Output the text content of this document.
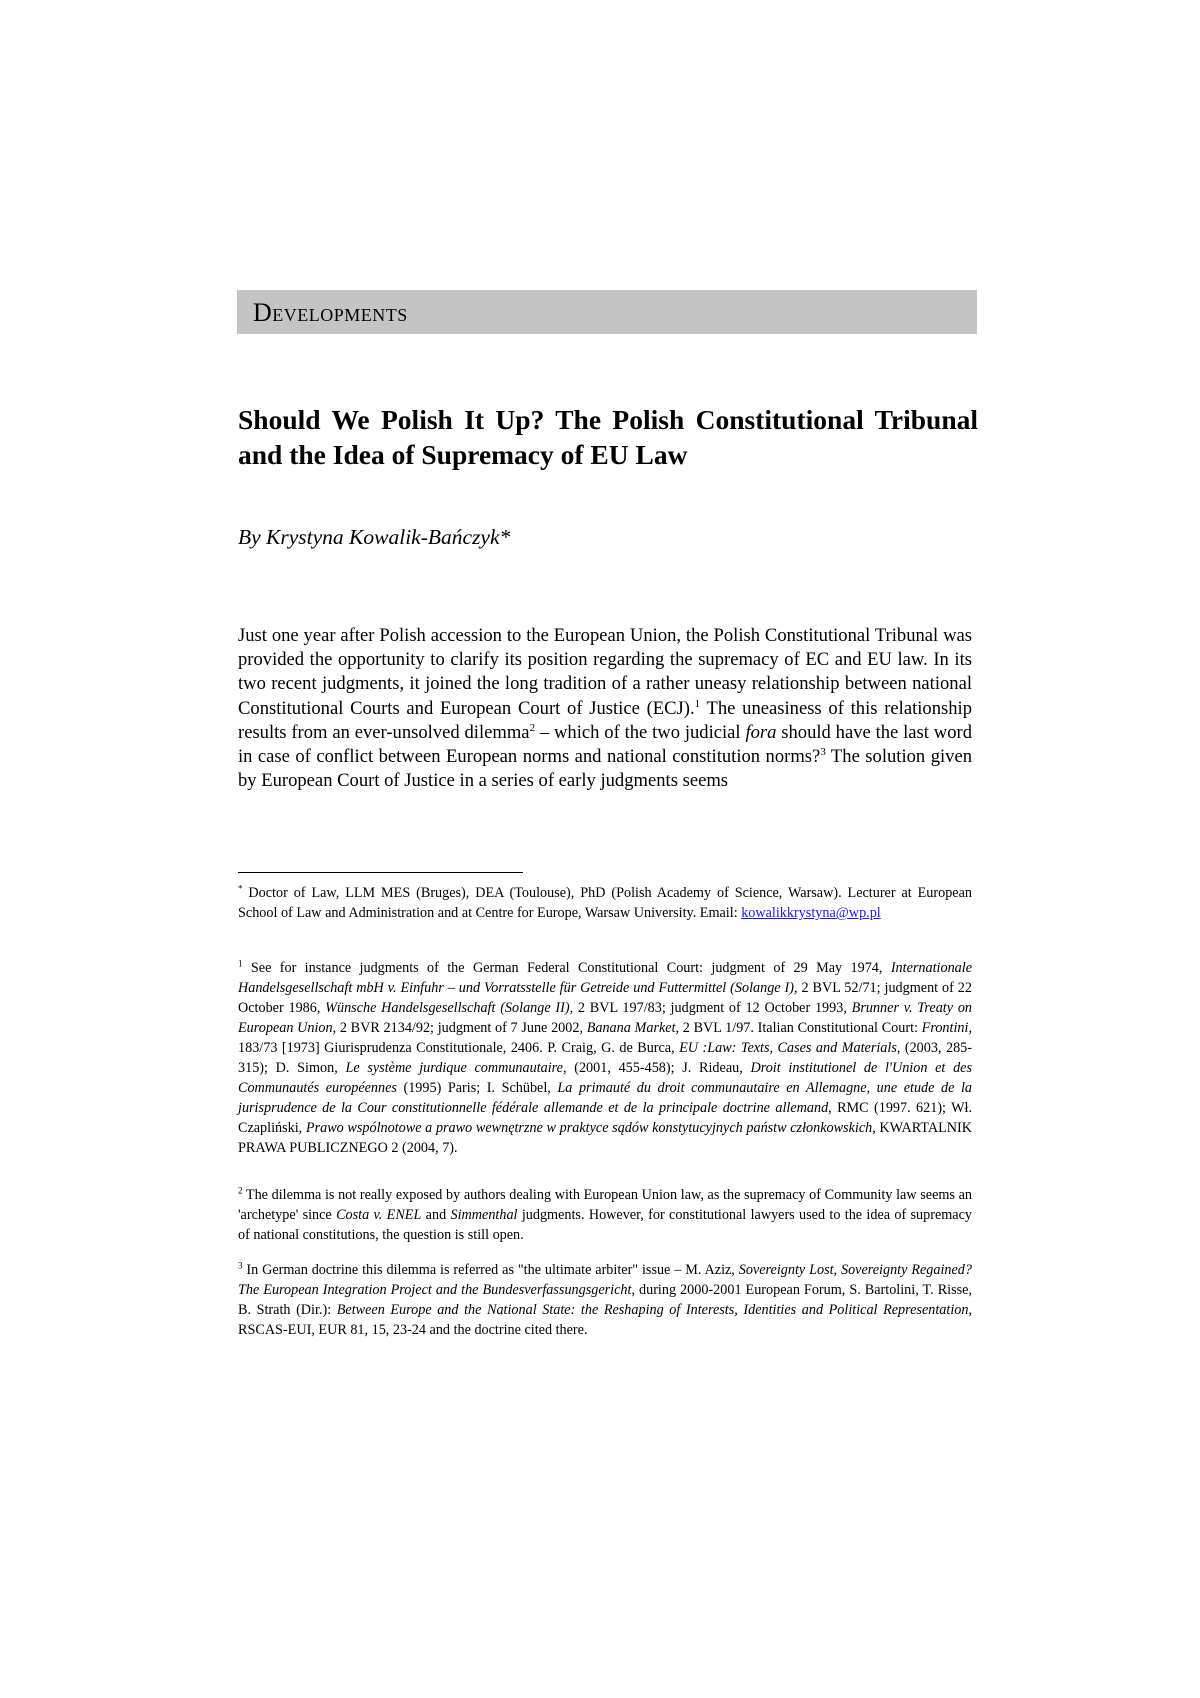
Developments
Should We Polish It Up? The Polish Constitutional Tribunal and the Idea of Supremacy of EU Law
By Krystyna Kowalik-Bańczyk*

Just one year after Polish accession to the European Union, the Polish Constitutional Tribunal was provided the opportunity to clarify its position regarding the supremacy of EC and EU law. In its two recent judgments, it joined the long tradition of a rather uneasy relationship between national Constitutional Courts and European Court of Justice (ECJ).$^1$ The uneasiness of this relationship results from an ever-unsolved dilemma$^2$ – which of the two judicial fora should have the last word in case of conflict between European norms and national constitution norms?$^3$ The solution given by European Court of Justice in a series of early judgments seems

* Doctor of Law, LLM MES (Bruges), DEA (Toulouse), PhD (Polish Academy of Science, Warsaw). Lecturer at European School of Law and Administration and at Centre for Europe, Warsaw University. Email: kowalikkrystyna@wp.pl

$^1$ See for instance judgments of the German Federal Constitutional Court: judgment of 29 May 1974, Internationale Handelsgesellschaft mbH v. Einfuhr – und Vorratsstelle für Getreide und Futtermittel (Solange I), 2 BVL 52/71; judgment of 22 October 1986, Wünsche Handelsgesellschaft (Solange II), 2 BVL 197/83; judgment of 12 October 1993, Brunner v. Treaty on European Union, 2 BVR 2134/92; judgment of 7 June 2002, Banana Market, 2 BVL 1/97. Italian Constitutional Court: Frontini, 183/73 [1973] Giurisprudenza Constitutionale, 2406. P. Craig, G. de Burca, EU :Law: Texts, Cases and Materials, (2003, 285-315); D. Simon, Le système jurdique communautaire, (2001, 455-458); J. Rideau, Droit institutionel de l'Union et des Communautés européennes (1995) Paris; I. Schübel, La primauté du droit communautaire en Allemagne, une etude de la jurisprudence de la Cour constitutionnelle fédérale allemande et de la principale doctrine allemand, RMC (1997. 621); Wł. Czapliński, Prawo wspólnotowe a prawo wewnętrzne w praktyce sądów konstytucyjnych państw członkowskich, KWARTALNIK PRAWA PUBLICZNEGO 2 (2004, 7).

$^2$ The dilemma is not really exposed by authors dealing with European Union law, as the supremacy of Community law seems an 'archetype' since Costa v. ENEL and Simmenthal judgments. However, for constitutional lawyers used to the idea of supremacy of national constitutions, the question is still open.

$^3$ In German doctrine this dilemma is referred as "the ultimate arbiter" issue – M. Aziz, Sovereignty Lost, Sovereignty Regained? The European Integration Project and the Bundesverfassungsgericht, during 2000-2001 European Forum, S. Bartolini, T. Risse, B. Strath (Dir.): Between Europe and the National State: the Reshaping of Interests, Identities and Political Representation, RSCAS-EUI, EUR 81, 15, 23-24 and the doctrine cited there.
